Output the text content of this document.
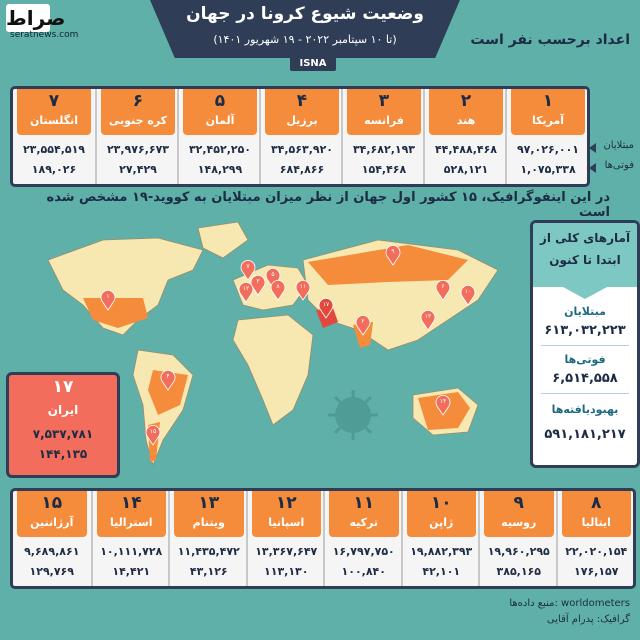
صراط
seratnews.com
وضعیت شیوع کرونا در جهان
(تا ۱۰ سپتامبر ۲۰۲۲ - ۱۹ شهریور ۱۴۰۱)
ISNA
اعداد برحسب نفر است
۷
انگلستان
۲۳,۵۵۴,۵۱۹
۱۸۹,۰۲۶
۶
کره جنوبی
۲۳,۹۷۶,۶۷۳
۲۷,۴۲۹
۵
آلمان
۳۲,۴۵۲,۲۵۰
۱۴۸,۲۹۹
۴
برزیل
۳۴,۵۶۳,۹۲۰
۶۸۴,۸۶۶
۳
فرانسه
۳۴,۶۸۲,۱۹۳
۱۵۴,۴۶۸
۲
هند
۴۴,۴۸۸,۴۶۸
۵۲۸,۱۲۱
۱
آمریکا
۹۷,۰۲۶,۰۰۱
۱,۰۷۵,۳۳۸
مبتلایان
فوتی‌ها
در این اینفوگرافیک، ۱۵ کشور اول جهان از نظر میزان مبتلایان به کووید-۱۹ مشخص شده است
۱
۲
۳
۴
۵
۶
۷
۸
۹
۱۰
۱۱
۱۲
۱۳
۱۴
۱۵
۱۷
۱۷
ایران
۷,۵۳۷,۷۸۱
۱۴۴,۱۳۵
آمارهای کلی از
ابتدا تا کنون
مبتلایان
۶۱۳,۰۳۲,۲۲۳
فوتی‌ها
۶,۵۱۴,۵۵۸
بهبودیافته‌ها
۵۹۱,۱۸۱,۲۱۷
۱۵
آرژانتین
۹,۶۸۹,۸۶۱
۱۲۹,۷۶۹
۱۴
استرالیا
۱۰,۱۱۱,۷۲۸
۱۴,۴۲۱
۱۳
ویتنام
۱۱,۴۳۵,۴۷۲
۴۳,۱۲۶
۱۲
اسپانیا
۱۳,۳۶۷,۶۴۷
۱۱۳,۱۳۰
۱۱
ترکیه
۱۶,۷۹۷,۷۵۰
۱۰۰,۸۴۰
۱۰
ژاپن
۱۹,۸۸۲,۳۹۳
۴۲,۱۰۱
۹
روسیه
۱۹,۹۶۰,۲۹۵
۳۸۵,۱۶۵
۸
ایتالیا
۲۲,۰۲۰,۱۵۴
۱۷۶,۱۵۷
منبع داده‌ها: worldometers
گرافیک: پدرام آقایی
